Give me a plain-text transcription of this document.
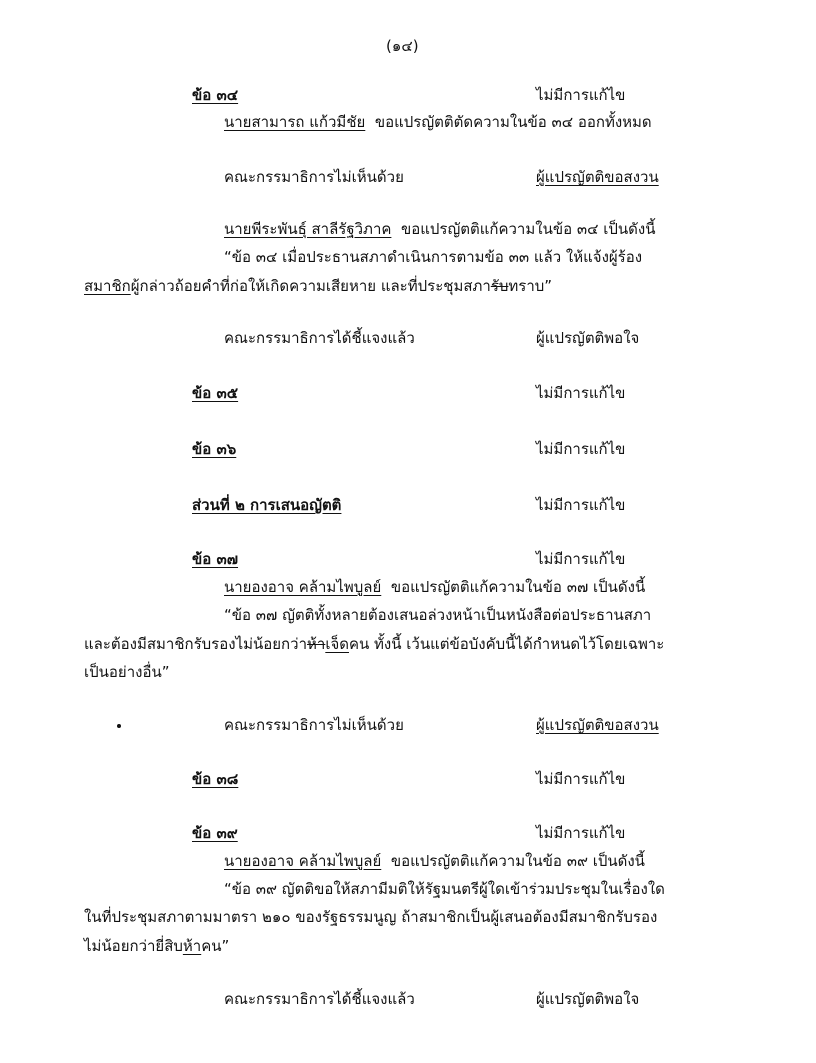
(๑๔)
ข้อ ๓๔	ไม่มีการแก้ไข
นายสามารถ แก้วมีชัย ขอแปรญัตติตัดความในข้อ ๓๔ ออกทั้งหมด
คณะกรรมาธิการไม่เห็นด้วย	ผู้แปรญัตติขอสงวน
นายพีระพันธุ์ สาลีรัฐวิภาค ขอแปรญัตติแก้ความในข้อ ๓๔ เป็นดังนี้
“ข้อ ๓๔ เมื่อประธานสภาดำเนินการตามข้อ ๓๓ แล้ว ให้แจ้งผู้ร้อง
สมาชิกผู้กล่าวถ้อยคำที่ก่อให้เกิดความเสียหาย และที่ประชุมสภารับทราบ”
คณะกรรมาธิการได้ชี้แจงแล้ว	ผู้แปรญัตติพอใจ
ข้อ ๓๕	ไม่มีการแก้ไข
ข้อ ๓๖	ไม่มีการแก้ไข
ส่วนที่ ๒ การเสนอญัตติ	ไม่มีการแก้ไข
ข้อ ๓๗	ไม่มีการแก้ไข
นายองอาจ คล้ามไพบูลย์ ขอแปรญัตติแก้ความในข้อ ๓๗ เป็นดังนี้
“ข้อ ๓๗ ญัตติทั้งหลายต้องเสนอล่วงหน้าเป็นหนังสือต่อประธานสภา
และต้องมีสมาชิกรับรองไม่น้อยกว่าห้าเจ็ดคน ทั้งนี้ เว้นแต่ข้อบังคับนี้ได้กำหนดไว้โดยเฉพาะ
เป็นอย่างอื่น”
คณะกรรมาธิการไม่เห็นด้วย	ผู้แปรญัตติขอสงวน
ข้อ ๓๘	ไม่มีการแก้ไข
ข้อ ๓๙	ไม่มีการแก้ไข
นายองอาจ คล้ามไพบูลย์ ขอแปรญัตติแก้ความในข้อ ๓๙ เป็นดังนี้
“ข้อ ๓๙ ญัตติขอให้สภามีมติให้รัฐมนตรีผู้ใดเข้าร่วมประชุมในเรื่องใด
ในที่ประชุมสภาตามมาตรา ๒๑๐ ของรัฐธรรมนูญ ถ้าสมาชิกเป็นผู้เสนอต้องมีสมาชิกรับรอง
ไม่น้อยกว่ายี่สิบห้าคน”
คณะกรรมาธิการได้ชี้แจงแล้ว	ผู้แปรญัตติพอใจ
